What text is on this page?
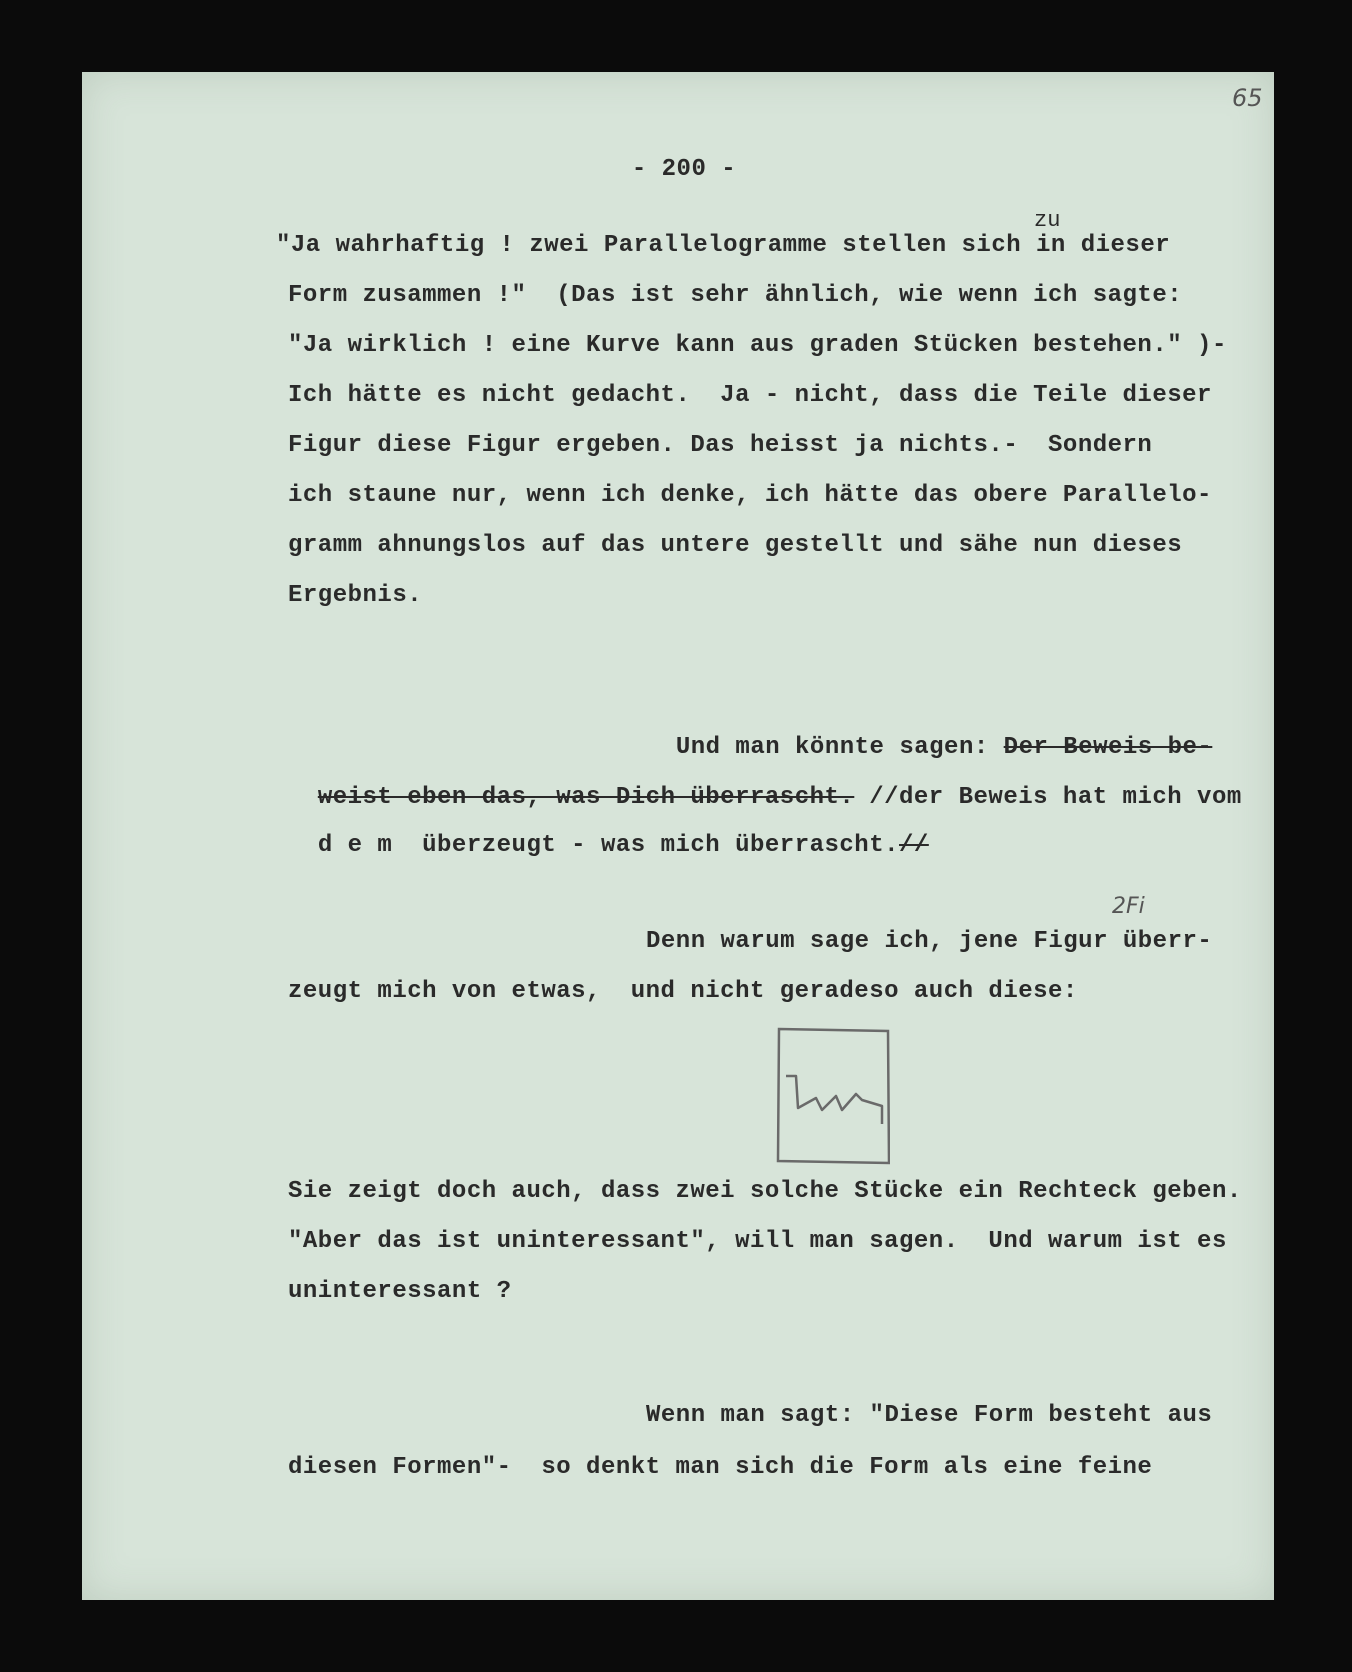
65
- 200 -
zu
"Ja wahrhaftig ! zwei Parallelogramme stellen sich in dieser
Form zusammen !"  (Das ist sehr ähnlich, wie wenn ich sagte:
"Ja wirklich ! eine Kurve kann aus graden Stücken bestehen." )-
Ich hätte es nicht gedacht.  Ja - nicht, dass die Teile dieser
Figur diese Figur ergeben. Das heisst ja nichts.-  Sondern
ich staune nur, wenn ich denke, ich hätte das obere Parallelo-
gramm ahnungslos auf das untere gestellt und sähe nun dieses
Ergebnis.

Und man könnte sagen: Der Beweis be-

weist eben das, was Dich überrascht. //der Beweis hat mich vom

d e m  überzeugt - was mich überrascht.//

2Fi
Denn warum sage ich, jene Figur überr-
zeugt mich von etwas,  und nicht geradeso auch diese:
Sie zeigt doch auch, dass zwei solche Stücke ein Rechteck geben.
"Aber das ist uninteressant", will man sagen.  Und warum ist es
uninteressant ?
Wenn man sagt: "Diese Form besteht aus
diesen Formen"-  so denkt man sich die Form als eine feine
